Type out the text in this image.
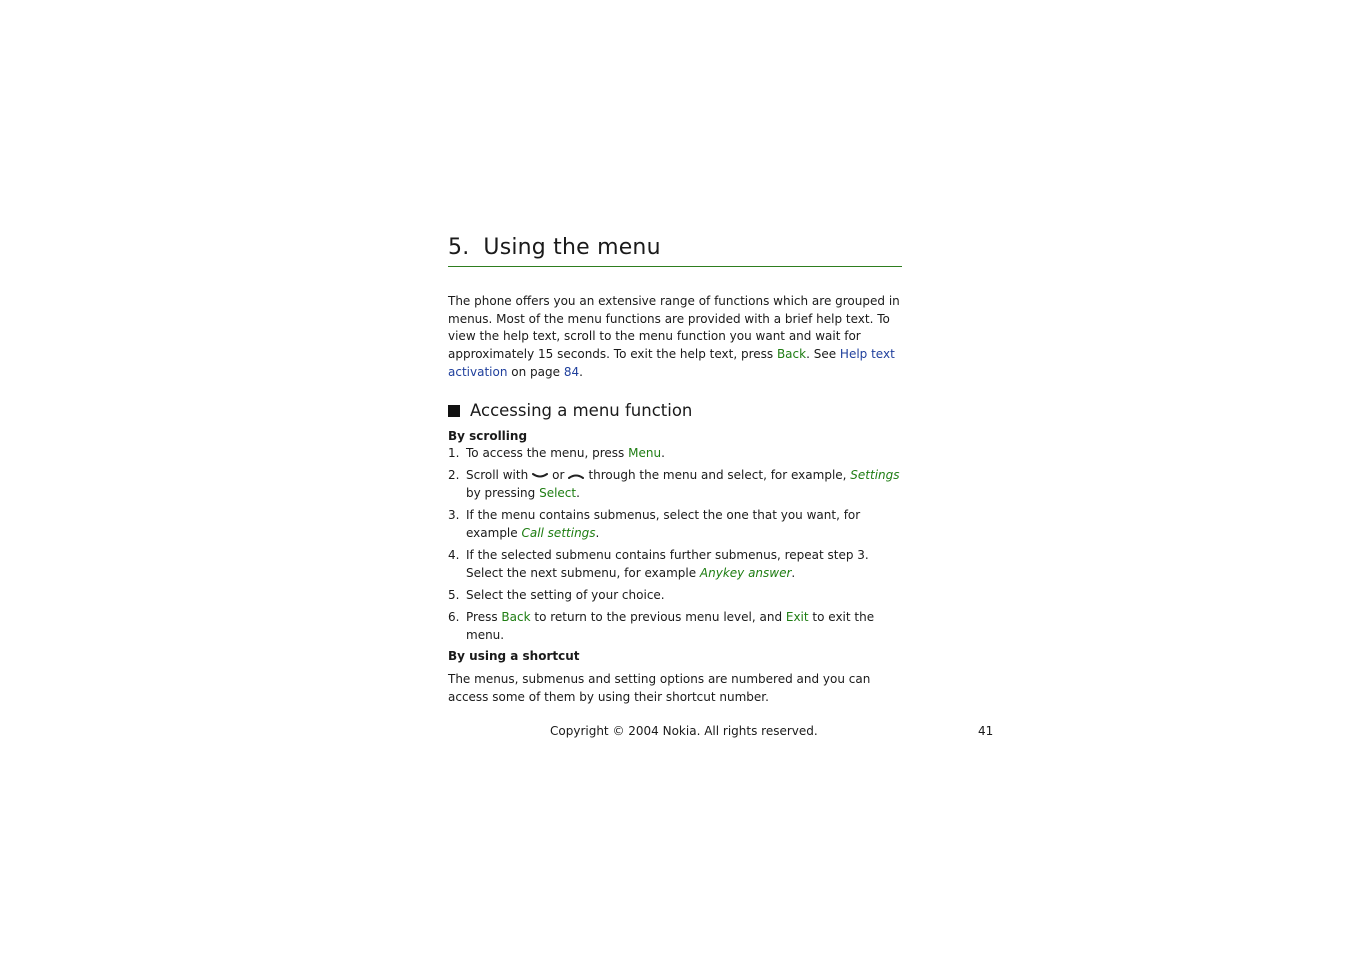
5. Using the menu

The phone offers you an extensive range of functions which are grouped in menus. Most of the menu functions are provided with a brief help text. To view the help text, scroll to the menu function you want and wait for approximately 15 seconds. To exit the help text, press Back. See Help text activation on page 84.

Accessing a menu function

By scrolling

1. To access the menu, press Menu.
2. Scroll with or through the menu and select, for example, Settings by pressing Select.
3. If the menu contains submenus, select the one that you want, for example Call settings.
4. If the selected submenu contains further submenus, repeat step 3. Select the next submenu, for example Anykey answer.
5. Select the setting of your choice.
6. Press Back to return to the previous menu level, and Exit to exit the menu.

By using a shortcut

The menus, submenus and setting options are numbered and you can access some of them by using their shortcut number.

Copyright © 2004 Nokia. All rights reserved.	41
